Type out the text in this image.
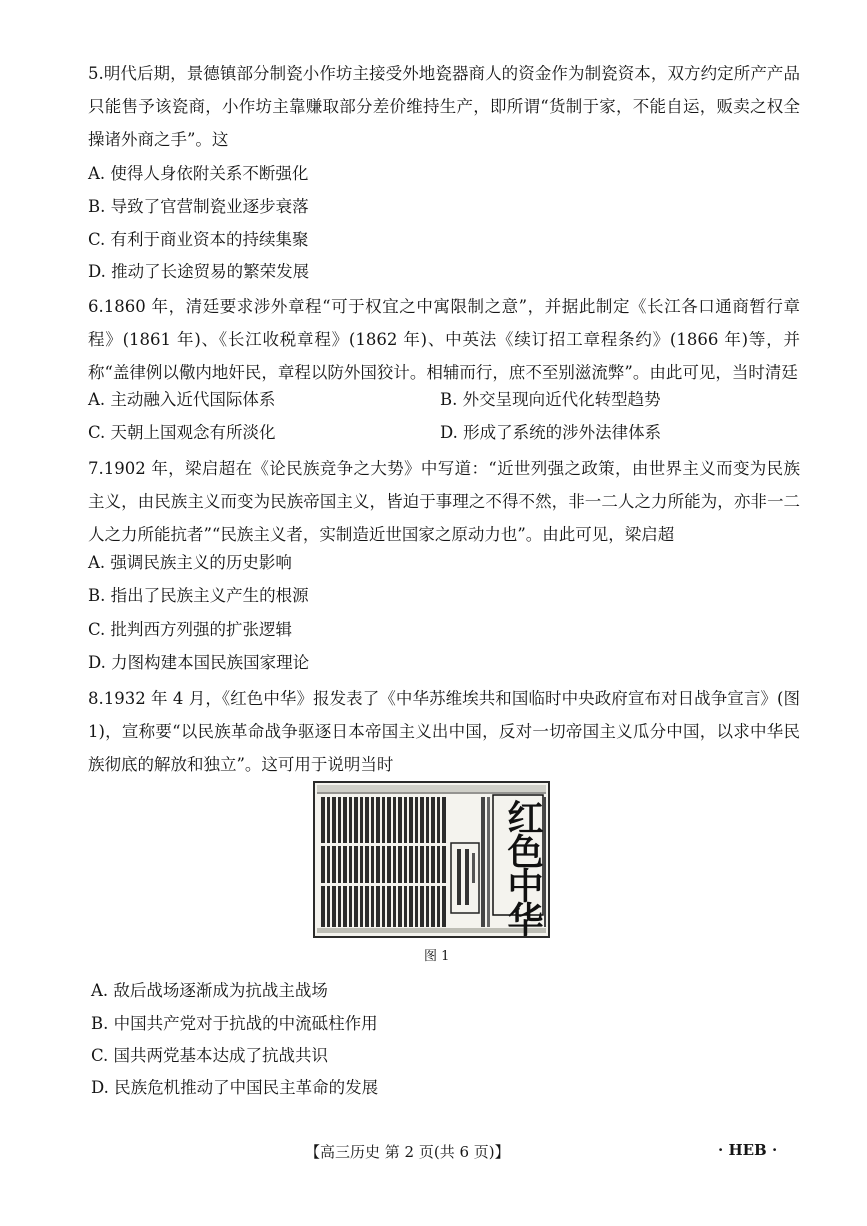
5.明代后期，景德镇部分制瓷小作坊主接受外地瓷器商人的资金作为制瓷资本，双方约定所产产品只能售予该瓷商，小作坊主靠赚取部分差价维持生产，即所谓“货制于家，不能自运，贩卖之权全操诸外商之手”。这
A. 使得人身依附关系不断强化
B. 导致了官营制瓷业逐步衰落
C. 有利于商业资本的持续集聚
D. 推动了长途贸易的繁荣发展
6.1860 年，清廷要求涉外章程“可于权宜之中寓限制之意”，并据此制定《长江各口通商暂行章程》(1861 年)、《长江收税章程》(1862 年)、中英法《续订招工章程条约》(1866 年)等，并称“盖律例以儆内地奸民，章程以防外国狡计。相辅而行，庶不至别滋流弊”。由此可见，当时清廷
A. 主动融入近代国际体系	B. 外交呈现向近代化转型趋势
C. 天朝上国观念有所淡化	D. 形成了系统的涉外法律体系
7.1902 年，梁启超在《论民族竞争之大势》中写道：“近世列强之政策，由世界主义而变为民族主义，由民族主义而变为民族帝国主义，皆迫于事理之不得不然，非一二人之力所能为，亦非一二人之力所能抗者”“民族主义者，实制造近世国家之原动力也”。由此可见，梁启超
A. 强调民族主义的历史影响
B. 指出了民族主义产生的根源
C. 批判西方列强的扩张逻辑
D. 力图构建本国民族国家理论
8.1932 年 4 月，《红色中华》报发表了《中华苏维埃共和国临时中央政府宣布对日战争宣言》(图 1)，宣称要“以民族革命战争驱逐日本帝国主义出中国，反对一切帝国主义瓜分中国，以求中华民族彻底的解放和独立”。这可用于说明当时
红色中华
图 1
A. 敌后战场逐渐成为抗战主战场
B. 中国共产党对于抗战的中流砥柱作用
C. 国共两党基本达成了抗战共识
D. 民族危机推动了中国民主革命的发展
【高三历史 第 2 页(共 6 页)】	· HEB ·
